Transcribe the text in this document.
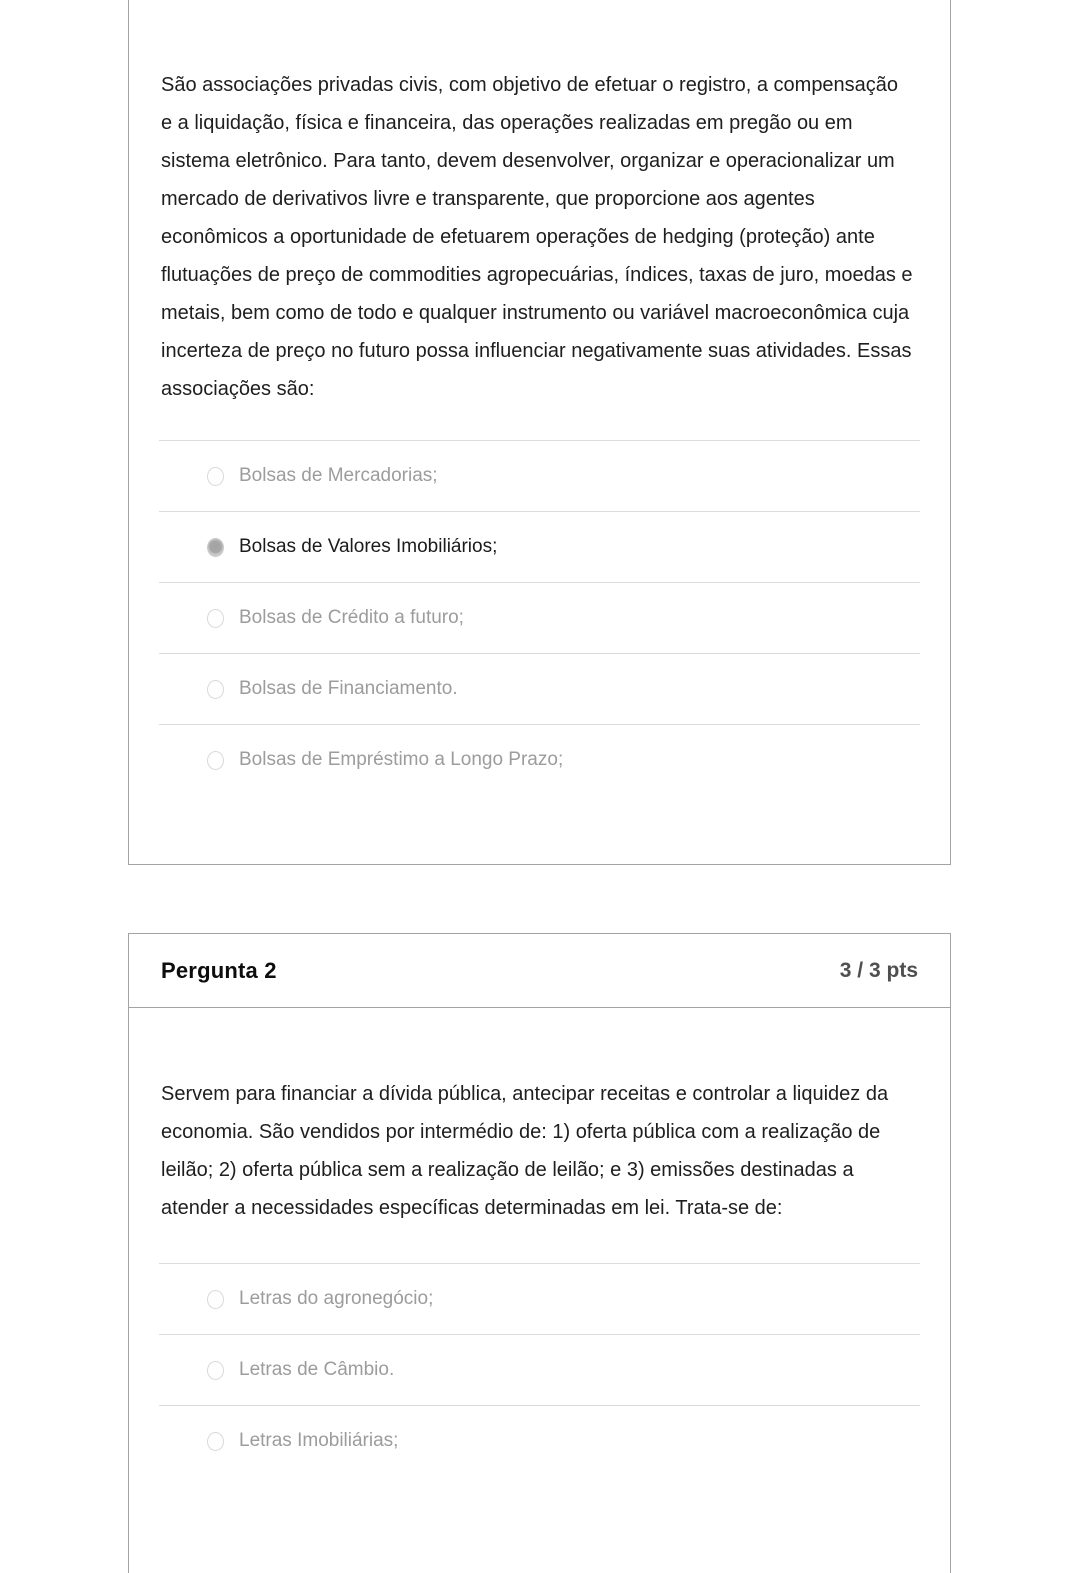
São associações privadas civis, com objetivo de efetuar o registro, a compensação e a liquidação, física e financeira, das operações realizadas em pregão ou em sistema eletrônico. Para tanto, devem desenvolver, organizar e operacionalizar um mercado de derivativos livre e transparente, que proporcione aos agentes econômicos a oportunidade de efetuarem operações de hedging (proteção) ante flutuações de preço de commodities agropecuárias, índices, taxas de juro, moedas e metais, bem como de todo e qualquer instrumento ou variável macroeconômica cuja incerteza de preço no futuro possa influenciar negativamente suas atividades. Essas associações são:

Bolsas de Mercadorias;
Bolsas de Valores Imobiliários;
Bolsas de Crédito a futuro;
Bolsas de Financiamento.
Bolsas de Empréstimo a Longo Prazo;
Pergunta 2	3 / 3 pts

Servem para financiar a dívida pública, antecipar receitas e controlar a liquidez da economia. São vendidos por intermédio de: 1) oferta pública com a realização de leilão; 2) oferta pública sem a realização de leilão; e 3) emissões destinadas a atender a necessidades específicas determinadas em lei. Trata-se de:

Letras do agronegócio;
Letras de Câmbio.
Letras Imobiliárias;
